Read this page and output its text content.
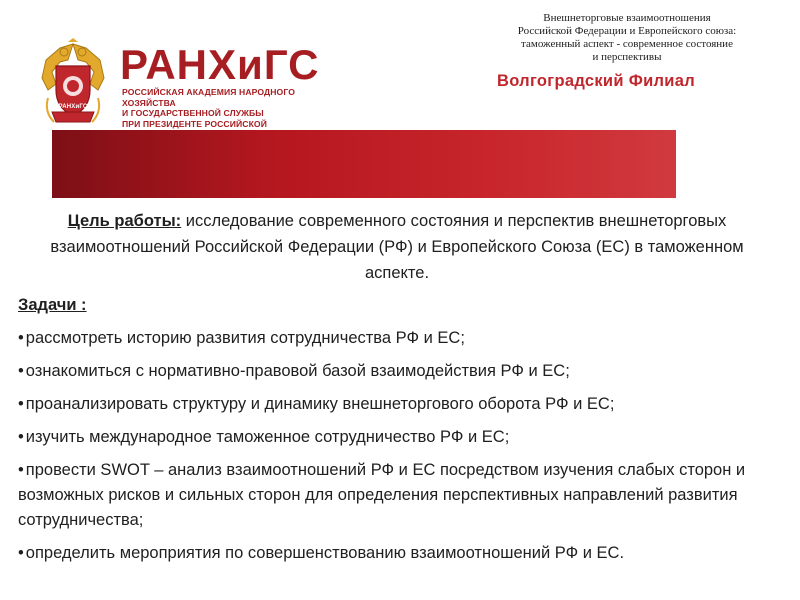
РАНХиГС
РАНХиГС
РОССИЙСКАЯ АКАДЕМИЯ НАРОДНОГО ХОЗЯЙСТВА
И ГОСУДАРСТВЕННОЙ СЛУЖБЫ
ПРИ ПРЕЗИДЕНТЕ РОССИЙСКОЙ
Внешнеторговые взаимоотношения
Российской Федерации и Европейского союза:
таможенный аспект - современное состояние
и перспективы
Волгоградский Филиал
Цель работы: исследование современного состояния и перспектив внешнеторговых взаимоотношений Российской Федерации (РФ) и Европейского Союза (ЕС) в таможенном аспекте.
Задачи :
• рассмотреть историю развития сотрудничества РФ и ЕС;
• ознакомиться с нормативно-правовой базой взаимодействия РФ и ЕС;
• проанализировать структуру и динамику внешнеторгового оборота РФ и ЕС;
• изучить международное таможенное сотрудничество РФ и ЕС;
• провести SWOT – анализ взаимоотношений РФ и ЕС посредством изучения слабых сторон и возможных рисков и сильных сторон для определения перспективных направлений развития сотрудничества;
• определить мероприятия по совершенствованию взаимоотношений РФ и ЕС.
